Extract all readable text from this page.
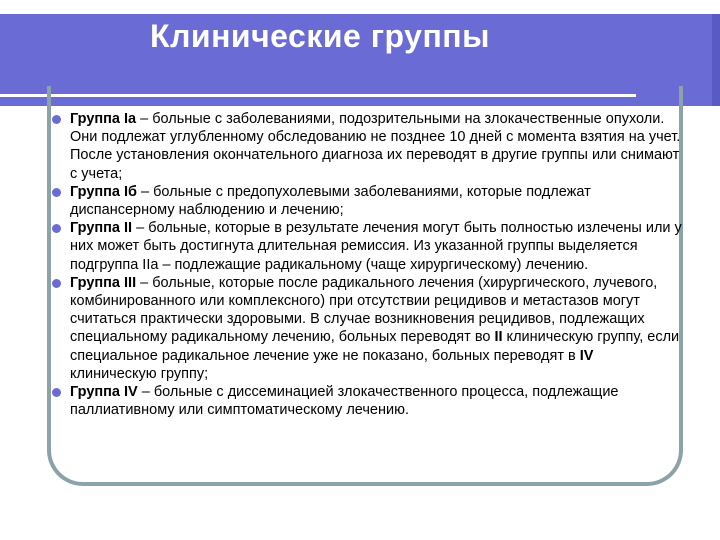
Клинические группы
Группа Iа – больные с заболеваниями, подозрительными на злокачественные опухоли. Они подлежат углубленному обследованию не позднее 10 дней с момента взятия на учет. После установления окончательного диагноза их переводят в другие группы или снимают с учета;
Группа Iб – больные с предопухолевыми заболеваниями, которые подлежат диспансерному наблюдению и лечению;
Группа II – больные, которые в результате лечения могут быть полностью излечены или у них может быть достигнута длительная ремиссия. Из указанной группы выделяется подгруппа IIа – подлежащие радикальному (чаще хирургическому) лечению.
Группа III – больные, которые после радикального лечения (хирургического, лучевого, комбинированного или комплексного) при отсутствии рецидивов и метастазов могут считаться практически здоровыми. В случае возникновения рецидивов, подлежащих специальному радикальному лечению, больных переводят во II клиническую группу, если специальное радикальное лечение уже не показано, больных переводят в IV клиническую группу;
Группа IV – больные с диссеминацией злокачественного процесса, подлежащие паллиативному или симптоматическому лечению.
